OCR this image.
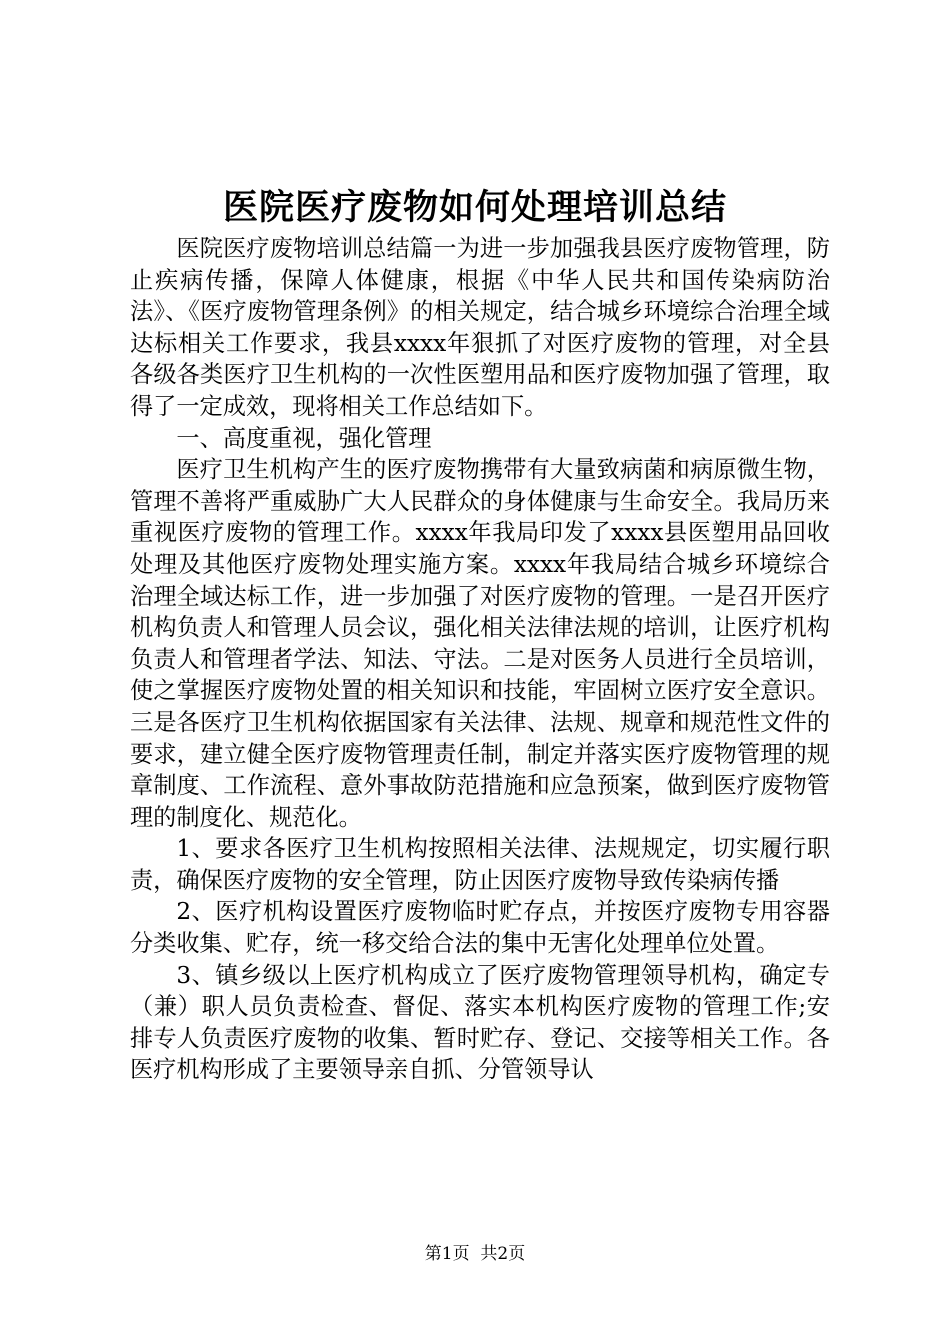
医院医疗废物如何处理培训总结

医院医疗废物培训总结篇一为进一步加强我县医疗废物管理，防止疾病传播，保障人体健康，根据《中华人民共和国传染病防治法》、《医疗废物管理条例》的相关规定，结合城乡环境综合治理全域达标相关工作要求，我县xxxx年狠抓了对医疗废物的管理，对全县各级各类医疗卫生机构的一次性医塑用品和医疗废物加强了管理，取得了一定成效，现将相关工作总结如下。

一、高度重视，强化管理

医疗卫生机构产生的医疗废物携带有大量致病菌和病原微生物，管理不善将严重威胁广大人民群众的身体健康与生命安全。我局历来重视医疗废物的管理工作。xxxx年我局印发了xxxx县医塑用品回收处理及其他医疗废物处理实施方案。xxxx年我局结合城乡环境综合治理全域达标工作，进一步加强了对医疗废物的管理。一是召开医疗机构负责人和管理人员会议，强化相关法律法规的培训，让医疗机构负责人和管理者学法、知法、守法。二是对医务人员进行全员培训，使之掌握医疗废物处置的相关知识和技能，牢固树立医疗安全意识。三是各医疗卫生机构依据国家有关法律、法规、规章和规范性文件的要求，建立健全医疗废物管理责任制，制定并落实医疗废物管理的规章制度、工作流程、意外事故防范措施和应急预案，做到医疗废物管理的制度化、规范化。

1、要求各医疗卫生机构按照相关法律、法规规定，切实履行职责，确保医疗废物的安全管理，防止因医疗废物导致传染病传播

2、医疗机构设置医疗废物临时贮存点，并按医疗废物专用容器分类收集、贮存，统一移交给合法的集中无害化处理单位处置。

3、镇乡级以上医疗机构成立了医疗废物管理领导机构，确定专（兼）职人员负责检查、督促、落实本机构医疗废物的管理工作;安排专人负责医疗废物的收集、暂时贮存、登记、交接等相关工作。各医疗机构形成了主要领导亲自抓、分管领导认

第1页  共2页
